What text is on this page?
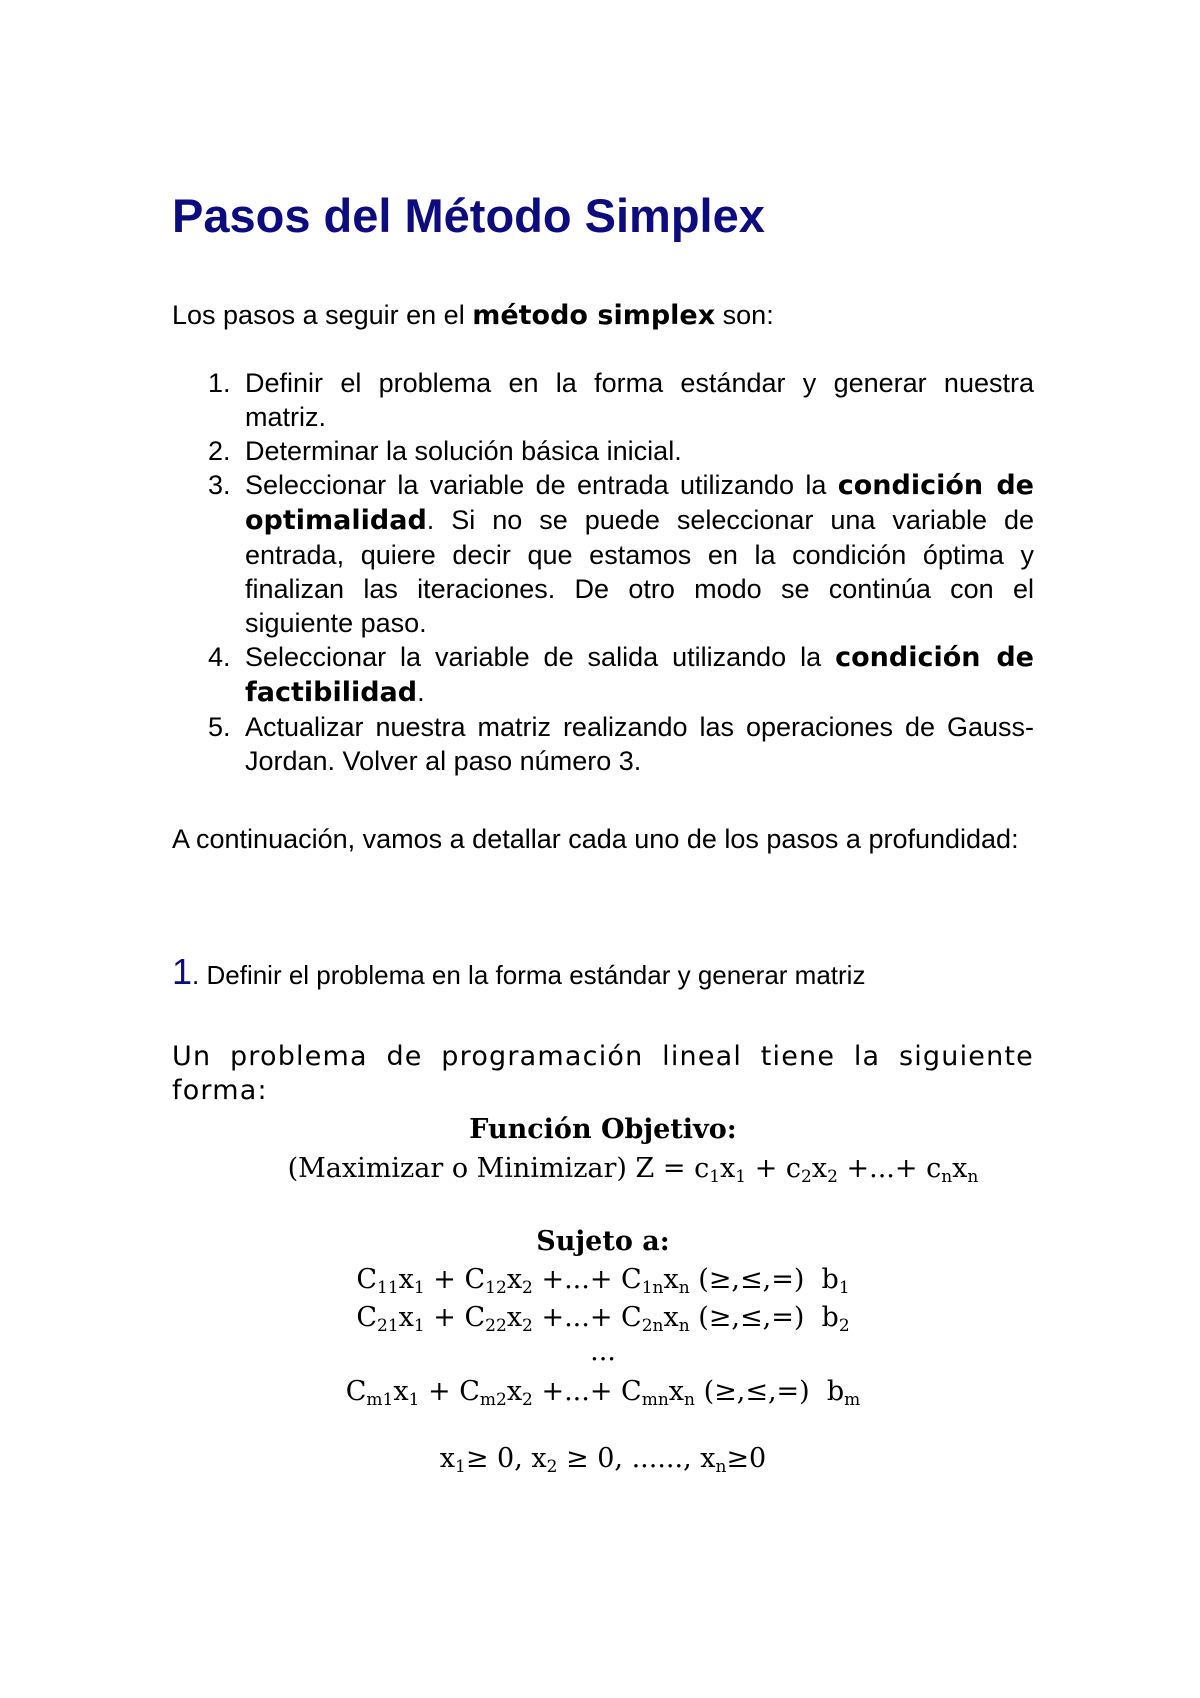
Pasos del Método Simplex
Los pasos a seguir en el método simplex son:
1. Definir el problema en la forma estándar y generar nuestra matriz.
2. Determinar la solución básica inicial.
3. Seleccionar la variable de entrada utilizando la condición de optimalidad. Si no se puede seleccionar una variable de entrada, quiere decir que estamos en la condición óptima y finalizan las iteraciones. De otro modo se continúa con el siguiente paso.
4. Seleccionar la variable de salida utilizando la condición de factibilidad.
5. Actualizar nuestra matriz realizando las operaciones de Gauss-Jordan. Volver al paso número 3.

A continuación, vamos a detallar cada uno de los pasos a profundidad:

1. Definir el problema en la forma estándar y generar matriz

Un problema de programación lineal tiene la siguiente forma:

Función Objetivo:
(Maximizar o Minimizar) $Z = c_1x_1 + c_2x_2$ +...+ $c_nx_n$
Sujeto a:
$C_{11}x_1 + C_{12}x_2$ +...+ $C_{1n}x_n$ (≥,≤,=)  $b_1$
$C_{21}x_1 + C_{22}x_2$ +...+ $C_{2n}x_n$ (≥,≤,=)  $b_2$
...
$C_{m1}x_1 + C_{m2}x_2$ +...+ $C_{mn}x_n$ (≥,≤,=)  $b_m$
$x_1\ge 0$, $x_2 \ge 0$, ......, $x_n\ge 0$
